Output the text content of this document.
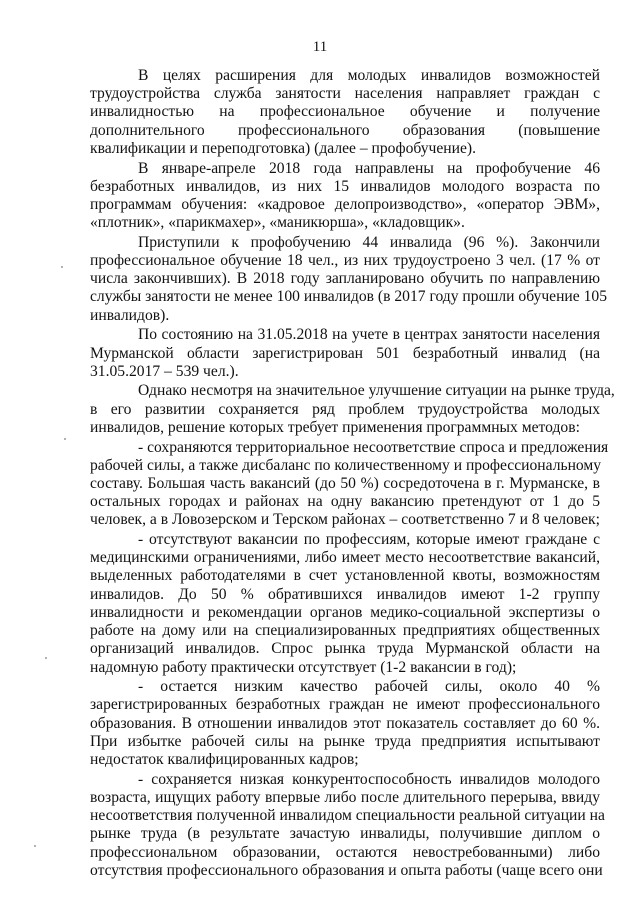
11

В целях расширения для молодых инвалидов возможностей
трудоустройства служба занятости населения направляет граждан с
инвалидностью на профессиональное обучение и получение
дополнительного профессионального образования (повышение
квалификации и переподготовка) (далее – профобучение).

В январе-апреле 2018 года направлены на профобучение 46
безработных инвалидов, из них 15 инвалидов молодого возраста по
программам обучения: «кадровое делопроизводство», «оператор ЭВМ»,
«плотник», «парикмахер», «маникюрша», «кладовщик».

Приступили к профобучению 44 инвалида (96 %). Закончили
профессиональное обучение 18 чел., из них трудоустроено 3 чел. (17 % от
числа закончивших). В 2018 году запланировано обучить по направлению
службы занятости не менее 100 инвалидов (в 2017 году прошли обучение 105
инвалидов).

По состоянию на 31.05.2018 на учете в центрах занятости населения
Мурманской области зарегистрирован 501 безработный инвалид (на
31.05.2017 – 539 чел.).

Однако несмотря на значительное улучшение ситуации на рынке труда,
в его развитии сохраняется ряд проблем трудоустройства молодых
инвалидов, решение которых требует применения программных методов:

- сохраняются территориальное несоответствие спроса и предложения
рабочей силы, а также дисбаланс по количественному и профессиональному
составу. Большая часть вакансий (до 50 %) сосредоточена в г. Мурманске, в
остальных городах и районах на одну вакансию претендуют от 1 до 5
человек, а в Ловозерском и Терском районах – соответственно 7 и 8 человек;

- отсутствуют вакансии по профессиям, которые имеют граждане с
медицинскими ограничениями, либо имеет место несоответствие вакансий,
выделенных работодателями в счет установленной квоты, возможностям
инвалидов. До 50 % обратившихся инвалидов имеют 1-2 группу
инвалидности и рекомендации органов медико-социальной экспертизы о
работе на дому или на специализированных предприятиях общественных
организаций инвалидов. Спрос рынка труда Мурманской области на
надомную работу практически отсутствует (1-2 вакансии в год);

- остается низким качество рабочей силы, около 40 %
зарегистрированных безработных граждан не имеют профессионального
образования. В отношении инвалидов этот показатель составляет до 60 %.
При избытке рабочей силы на рынке труда предприятия испытывают
недостаток квалифицированных кадров;

- сохраняется низкая конкурентоспособность инвалидов молодого
возраста, ищущих работу впервые либо после длительного перерыва, ввиду
несоответствия полученной инвалидом специальности реальной ситуации на
рынке труда (в результате зачастую инвалиды, получившие диплом о
профессиональном образовании, остаются невостребованными) либо
отсутствия профессионального образования и опыта работы (чаще всего они
